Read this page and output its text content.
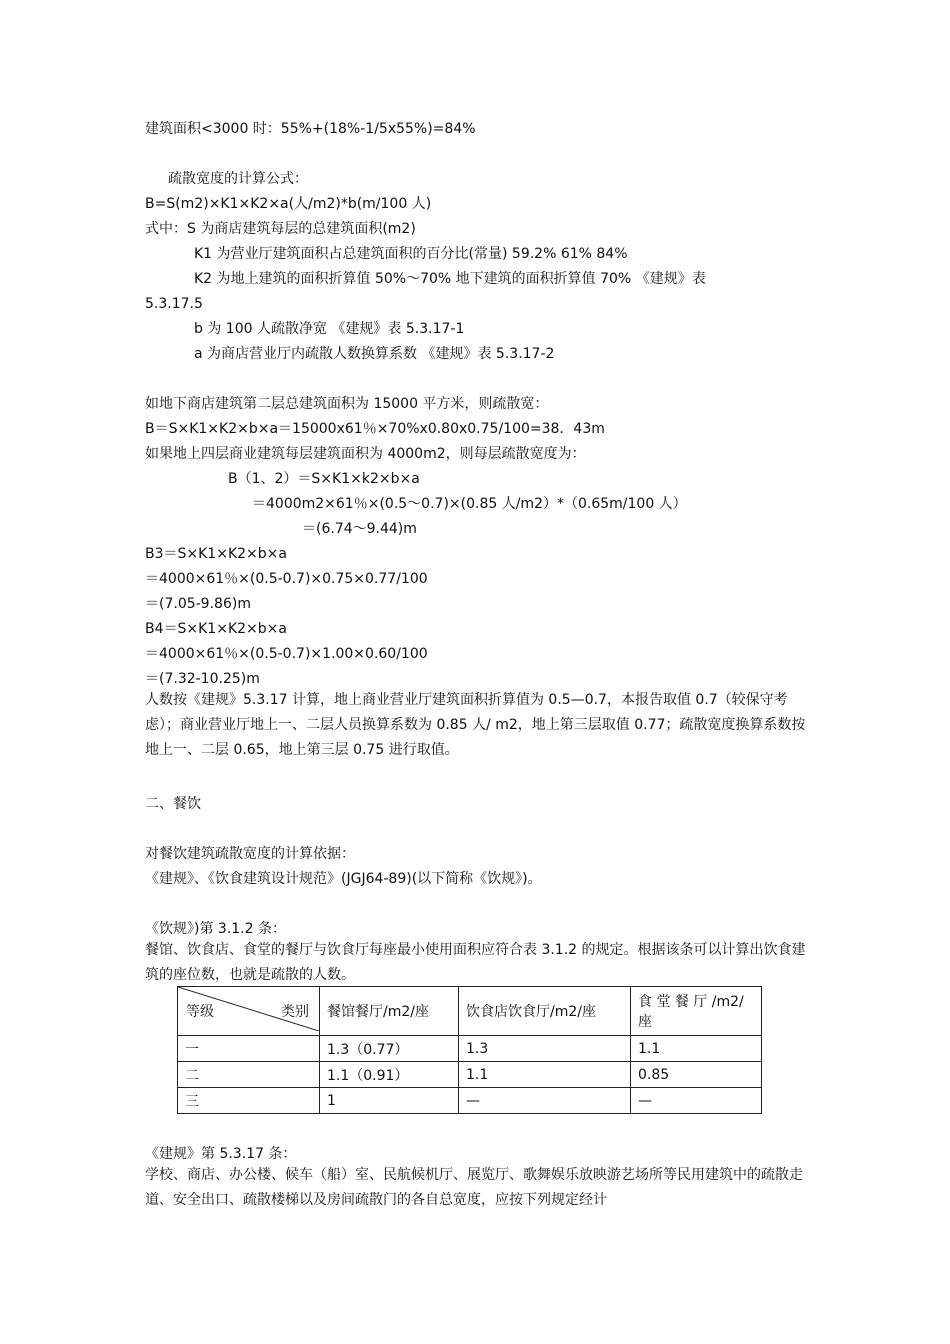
建筑面积<3000 时：55%+(18%-1/5x55%)=84%
疏散宽度的计算公式：
B=S(m2)×K1×K2×a(人/m2)*b(m/100 人)
式中：S 为商店建筑每层的总建筑面积(m2)
K1 为营业厅建筑面积占总建筑面积的百分比(常量) 59.2% 61% 84%
K2 为地上建筑的面积折算值 50%～70% 地下建筑的面积折算值 70% 《建规》表
5.3.17.5
b 为 100 人疏散净宽 《建规》表 5.3.17-1
a 为商店营业厅内疏散人数换算系数 《建规》表 5.3.17-2
如地下商店建筑第二层总建筑面积为 15000 平方米，则疏散宽：
B＝S×K1×K2×b×a＝15000x61％×70%x0.80x0.75/100=38．43m
如果地上四层商业建筑每层建筑面积为 4000m2，则每层疏散宽度为：
B（1、2）＝S×K1×k2×b×a
＝4000m2×61％×(0.5～0.7)×(0.85 人/m2）*（0.65m/100 人）
＝(6.74～9.44)m
B3＝S×K1×K2×b×a
＝4000×61％×(0.5-0.7)×0.75×0.77/100
＝(7.05-9.86)m
B4＝S×K1×K2×b×a
＝4000×61％×(0.5-0.7)×1.00×0.60/100
＝(7.32-10.25)m
人数按《建规》5.3.17 计算，地上商业营业厅建筑面积折算值为 0.5—0.7，本报告取值 0.7（较保守考虑）；商业营业厅地上一、二层人员换算系数为 0.85 人/ m2，地上第三层取值 0.77；疏散宽度换算系数按地上一、二层 0.65，地上第三层 0.75 进行取值。
二、餐饮
对餐饮建筑疏散宽度的计算依据：
《建规》、《饮食建筑设计规范》(JGJ64-89)(以下简称《饮规》)。
《饮规》)第 3.1.2 条：
餐馆、饮食店、食堂的餐厅与饮食厅每座最小使用面积应符合表 3.1.2 的规定。根据该条可以计算出饮食建筑的座位数，也就是疏散的人数。
等级 类别	餐馆餐厅/m2/座	饮食店饮食厅/m2/座	食 堂 餐 厅 /m2/ 座
一	1.3（0.77）	1.3	1.1
二	1.1（0.91）	1.1	0.85
三	1	—	—
《建规》第 5.3.17 条：
学校、商店、办公楼、候车（船）室、民航候机厅、展览厅、歌舞娱乐放映游艺场所等民用建筑中的疏散走道、安全出口、疏散楼梯以及房间疏散门的各自总宽度，应按下列规定经计
